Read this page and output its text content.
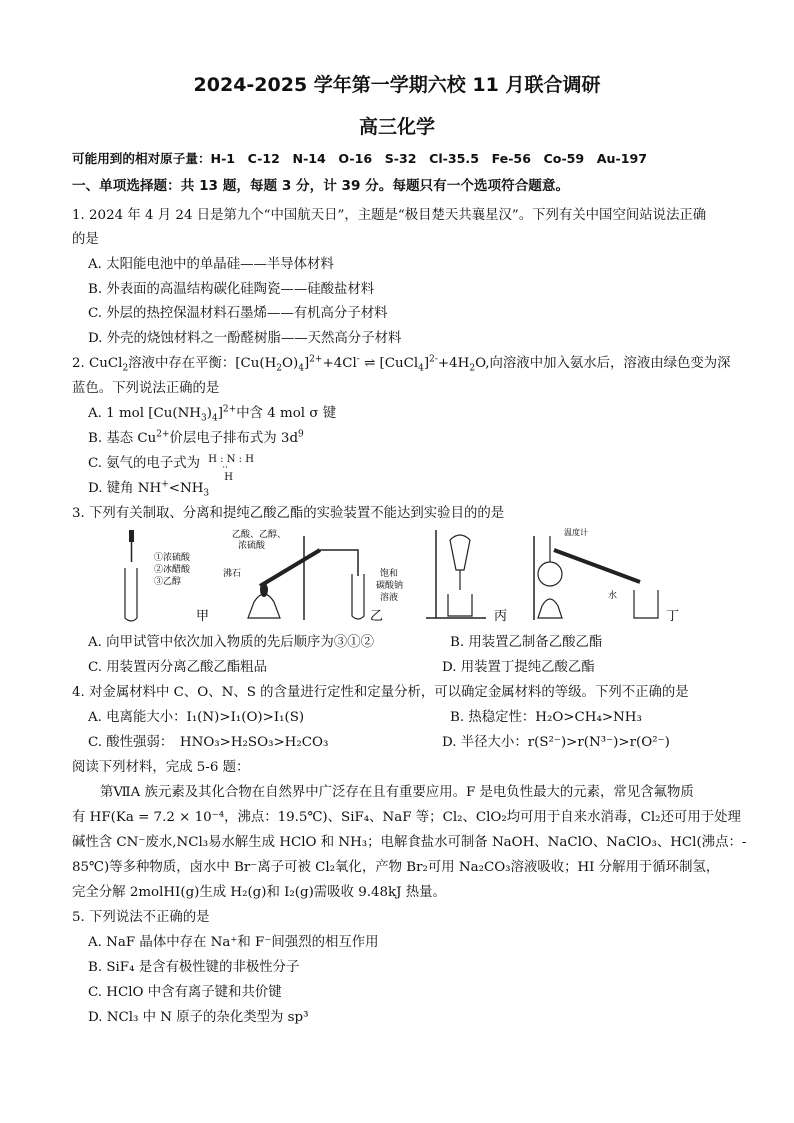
2024-2025 学年第一学期六校 11 月联合调研
高三化学
可能用到的相对原子量：H-1　C-12　N-14　O-16　S-32　Cl-35.5　Fe-56　Co-59　Au-197
一、单项选择题：共 13 题，每题 3 分，计 39 分。每题只有一个选项符合题意。
1. 2024 年 4 月 24 日是第九个“中国航天日”，主题是“极目楚天共襄星汉”。下列有关中国空间站说法正确
的是
A. 太阳能电池中的单晶硅——半导体材料
B. 外表面的高温结构碳化硅陶瓷——硅酸盐材料
C. 外层的热控保温材料石墨烯——有机高分子材料
D. 外壳的烧蚀材料之一酚醛树脂——天然高分子材料
2. CuCl$_2$溶液中存在平衡：$[Cu(H_2O)_4]^{2+}+4Cl^-$ ⇌ $[CuCl_4]^{2-}+4H_2O$,向溶液中加入氨水后，溶液由绿色变为深
蓝色。下列说法正确的是
A. 1 mol $[Cu(NH_3)_4]^{2+}$中含 4 mol σ 键
B. 基态 $Cu^{2+}$价层电子排布式为 $3d^9$
C. 氨气的电子式为 H : N : H
··
H
D. 键角 $NH^+<NH_3$
3. 下列有关制取、分离和提纯乙酸乙酯的实验装置不能达到实验目的的是
①浓硫酸
②冰醋酸
③乙醇
甲
乙酸、乙醇、
浓硫酸
沸石	饱和
碳酸钠
溶液
乙	丙
温度计
水
丁
A. 向甲试管中依次加入物质的先后顺序为③①②	B. 用装置乙制备乙酸乙酯
C. 用装置丙分离乙酸乙酯粗品	D. 用装置丁提纯乙酸乙酯
4. 对金属材料中 C、O、N、S 的含量进行定性和定量分析，可以确定金属材料的等级。下列不正确的是
A. 电离能大小：I₁(N)>I₁(O)>I₁(S)	B. 热稳定性：H₂O>CH₄>NH₃
C. 酸性强弱：　HNO₃>H₂SO₃>H₂CO₃	D. 半径大小：r(S²⁻)>r(N³⁻)>r(O²⁻)
阅读下列材料，完成 5-6 题：
第ⅦA 族元素及其化合物在自然界中广泛存在且有重要应用。F 是电负性最大的元素，常见含氟物质
有 HF(Ka = 7.2 × 10⁻⁴，沸点：19.5℃)、SiF₄、NaF 等；Cl₂、ClO₂均可用于自来水消毒，Cl₂还可用于处理
碱性含 CN⁻废水,NCl₃易水解生成 HClO 和 NH₃；电解食盐水可制备 NaOH、NaClO、NaClO₃、HCl(沸点：-
85℃)等多种物质，卤水中 Br⁻离子可被 Cl₂氧化，产物 Br₂可用 Na₂CO₃溶液吸收；HI 分解用于循环制氢，
完全分解 2molHI(g)生成 H₂(g)和 I₂(g)需吸收 9.48kJ 热量。
5. 下列说法不正确的是
A. NaF 晶体中存在 Na⁺和 F⁻间强烈的相互作用
B. SiF₄ 是含有极性键的非极性分子
C. HClO 中含有离子键和共价键
D. NCl₃ 中 N 原子的杂化类型为 sp³
